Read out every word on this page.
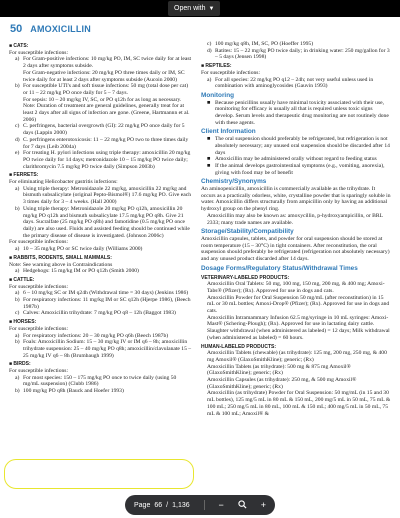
Open with ▼
50 AMOXICILLIN
■ CATS:
For susceptible infections:
a) For Gram-positive infections: 10 mg/kg PO, IM, SC twice daily for at least 2 days after symptoms subside.
For Gram-negative infections: 20 mg/kg PO three times daily or IM, SC twice daily for at least 2 days after symptoms subside (Aucoin 2000)
b) For susceptible UTI's and soft tissue infections: 50 mg (total dose per cat) or 11 – 22 mg/kg PO once daily for 5 – 7 days.
For sepsis: 10 – 20 mg/kg IV, SC, or PO q12h for as long as necessary. Note: Duration of treatment are general guidelines, generally treat for at least 2 days after all signs of infection are gone. (Greene, Hartmannn et al. 2006)
c) C. perfringens, bacterial overgrowth (GI): 22 mg/kg PO once daily for 5 days (Lappin 2000)
d) C. perfringens enterotoxicosis: 11 – 22 mg/kg PO two to three times daily for 7 days (Leib 2004a)
e) For treating H. pylori infections using triple therapy: amoxicillin 20 mg/kg PO twice daily for 14 days; metronidazole 10 – 15 mg/kg PO twice daily; clarithromycin 7.5 mg/kg PO twice daily (Simpson 2003b)
■ FERRETS:
For eliminating Helicobacter gastritis infections:
a) Using triple therapy: Metronidazole 22 mg/kg, amoxicillin 22 mg/kg and bismuth subsalicylate (original Pepto-Bismol®) 17.6 mg/kg PO. Give each 3 times daily for 3 – 4 weeks. (Hall 2000)
b) Using triple therapy: Metronidazole 20 mg/kg PO q12h, amoxicillin 20 mg/kg PO q12h and bismuth subsalicylate 17.5 mg/kg PO q8h. Give 21 days. Sucralfate (25 mg/kg PO q8h) and famotidine (0.5 mg/kg PO once daily) are also used. Fluids and assisted feeding should be continued while the primary disease of disease is investigated. (Johnson 2006c)
For susceptible infections:
a) 10 – 35 mg/kg PO or SC twice daily (Williams 2000)
■ RABBITS, RODENTS, SMALL MAMMALS:
Note: See warning above in Contraindications
a) Hedgehogs: 15 mg/kg IM or PO q12h (Smith 2000)
■ CATTLE:
For susceptible infections:
a) 6 – 10 mg/kg SC or IM q24h (Withdrawal time = 30 days) (Jenkins 1986)
b) For respiratory infections: 11 mg/kg IM or SC q12h (Hjerpe 1986), (Beech 1987b)
c) Calves: Amoxicillin trihydrate: 7 mg/kg PO q8 – 12h (Baggot 1983)
■ HORSES:
For susceptible infections:
a) For respiratory infections: 20 – 30 mg/kg PO q6h (Beech 1987b)
b) Foals: Amoxicillin Sodium: 15 – 30 mg/kg IV or IM q6 – 8h; amoxicillin trihydrate suspension: 25 – 40 mg/kg PO q8h; amoxicillin/clavulanate 15 – 25 mg/kg IV q6 – 8h (Brumbaugh 1999)
■ BIRDS:
For susceptible infections:
a) For most species: 150 – 175 mg/kg PO once to twice daily (using 50 mg/mL suspension) (Clubb 1986)
b) 100 mg/kg PO q8h (Bauck and Hoefer 1993)
c) 100 mg/kg q8h, IM, SC, PO (Hoeffer 1995)
d) Ratites: 15 – 22 mg/kg PO twice daily; in drinking water: 250 mg/gallon for 3 – 5 days (Jensen 1998)
■ REPTILES:
For susceptible infections:
a) For all species: 22 mg/kg PO q12 – 24h; not very useful unless used in combination with aminoglycosides (Gauvin 1993)
Monitoring
■ Because penicillins usually have minimal toxicity associated with their use, monitoring for efficacy is usually all that is required unless toxic signs develop. Serum levels and therapeutic drug monitoring are not routinely done with these agents.
Client Information
■ The oral suspension should preferably be refrigerated, but refrigeration is not absolutely necessary; any unused oral suspension should be discarded after 14 days
■ Amoxicillin may be administered orally without regard to feeding status
■ If the animal develops gastrointestinal symptoms (e.g., vomiting, anorexia), giving with food may be of benefit
Chemistry/Synonyms
An aminopenicillin, amoxicillin is commercially available as the trihydrate. It occurs as a practically odorless, white, crystalline powder that is sparingly soluble in water. Amoxicillin differs structurally from ampicillin only by having an additional hydroxyl group on the phenyl ring.
Amoxicillin may also be known as: amoxycillin, p-hydroxyampicillin, or BRL 2333; many trade names are available.
Storage/Stability/Compatibility
Amoxicillin capsules, tablets, and powder for oral suspension should be stored at room temperature (15 – 30°C) in tight containers. After reconstitution, the oral suspension should preferably be refrigerated (refrigeration not absolutely necessary) and any unused product discarded after 14 days.
Dosage Forms/Regulatory Status/Withdrawal Times
VETERINARY-LABELED PRODUCTS:
Amoxicillin Oral Tablets: 50 mg, 100 mg, 150 mg, 200 mg, & 400 mg; Amoxi-Tabs® (Pfizer); (Rx). Approved for use in dogs and cats.
Amoxicillin Powder for Oral Suspension 50 mg/mL (after reconstitution) in 15 mL or 30 mL bottles; Amoxi-Drop® (Pfizer); (Rx). Approved for use in dogs and cats.
Amoxicillin Intramammary Infusion 62.5 mg/syringe in 10 mL syringes: Amoxi-Mast® (Schering-Plough); (Rx). Approved for use in lactating dairy cattle. Slaughter withdrawal (when administered as labeled) = 12 days; Milk withdrawal (when administered as labeled) = 60 hours.
HUMAN-LABELED PRODUCTS:
Amoxicillin Tablets (chewable) (as trihydrate): 125 mg, 200 mg, 250 mg, & 400 mg Amoxil® (GlaxoSmithKline); generic; (Rx)
Amoxicillin Tablets (as trihydrate): 500 mg & 875 mg Amoxil® (GlaxoSmithKline); generic; (Rx)
Amoxicillin Capsules (as trihydrate): 250 mg, & 500 mg Amoxil® (GlaxoSmithKline); generic; (Rx)
Amoxicillin (as trihydrate) Powder for Oral Suspension: 50 mg/mL (in 15 and 30 mL bottles), 125 mg/5 mL in 80 mL & 150 mL, 200 mg/5 mL in 50 mL, 75 mL & 100 mL; 250 mg/5 mL in 80 mL, 100 mL & 150 mL; 400 mg/5 mL in 50 mL, 75 mL & 100 mL; Amoxil® &
Page 66 / 1,136	−	+
